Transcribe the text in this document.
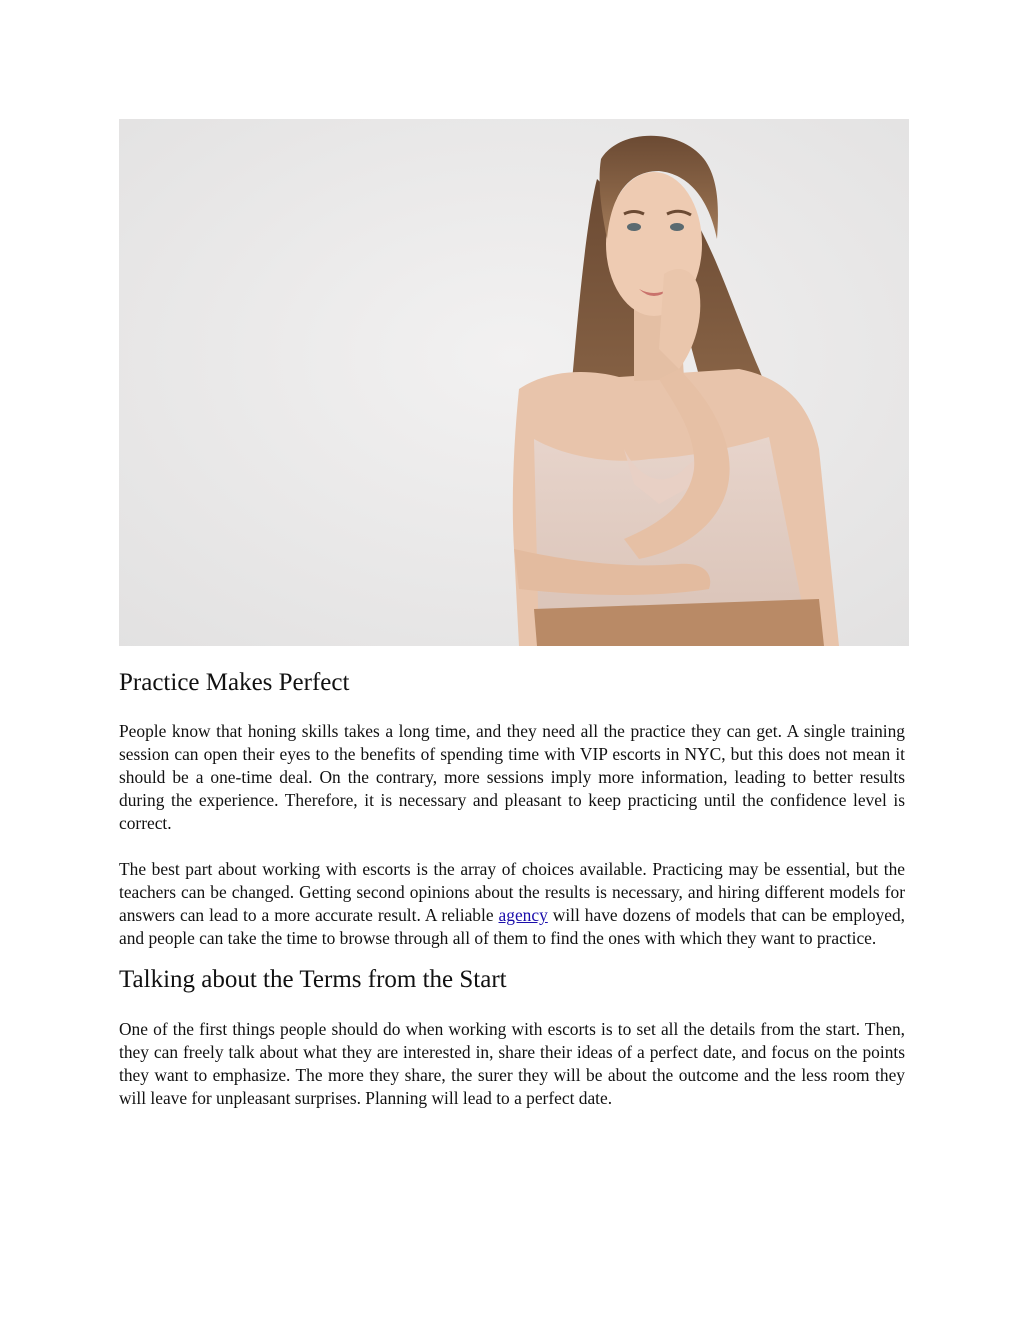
Practice Makes Perfect

People know that honing skills takes a long time, and they need all the practice they can get. A single training session can open their eyes to the benefits of spending time with VIP escorts in NYC, but this does not mean it should be a one-time deal. On the contrary, more sessions imply more information, leading to better results during the experience. Therefore, it is necessary and pleasant to keep practicing until the confidence level is correct.

The best part about working with escorts is the array of choices available. Practicing may be essential, but the teachers can be changed. Getting second opinions about the results is necessary, and hiring different models for answers can lead to a more accurate result. A reliable agency will have dozens of models that can be employed, and people can take the time to browse through all of them to find the ones with which they want to practice.

Talking about the Terms from the Start

One of the first things people should do when working with escorts is to set all the details from the start. Then, they can freely talk about what they are interested in, share their ideas of a perfect date, and focus on the points they want to emphasize. The more they share, the surer they will be about the outcome and the less room they will leave for unpleasant surprises. Planning will lead to a perfect date.
